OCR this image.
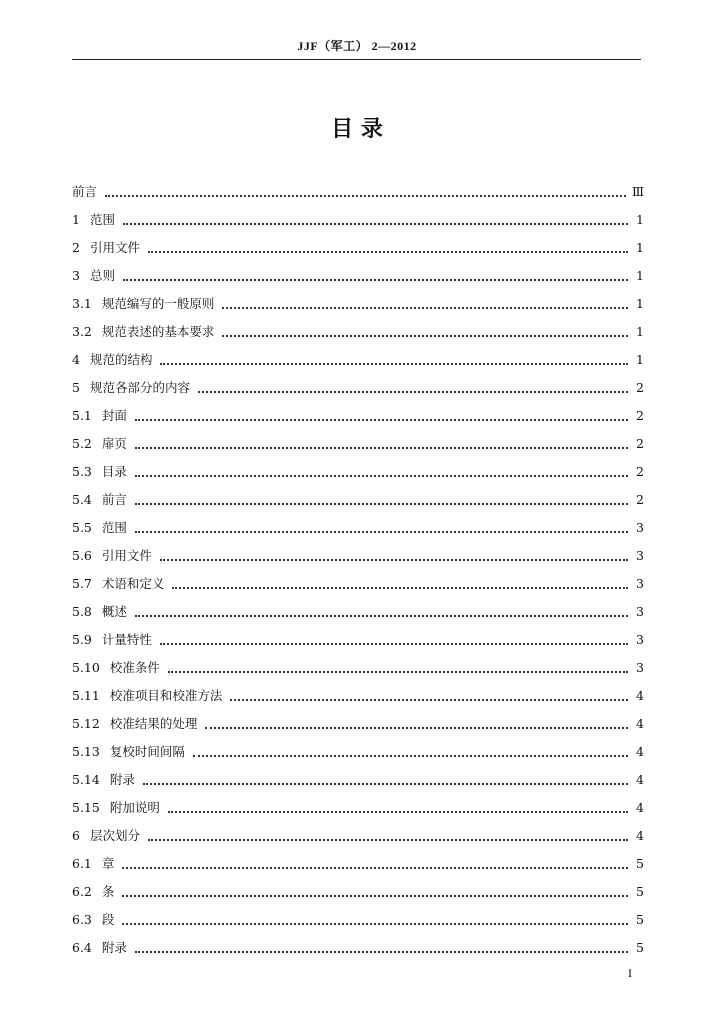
JJF（军工） 2—2012
目 录
前言	Ⅲ
1 范围	1
2 引用文件	1
3 总则	1
3.1 规范编写的一般原则	1
3.2 规范表述的基本要求	1
4 规范的结构	1
5 规范各部分的内容	2
5.1 封面	2
5.2 扉页	2
5.3 目录	2
5.4 前言	2
5.5 范围	3
5.6 引用文件	3
5.7 术语和定义	3
5.8 概述	3
5.9 计量特性	3
5.10 校准条件	3
5.11 校准项目和校准方法	4
5.12 校准结果的处理	4
5.13 复校时间间隔	4
5.14 附录	4
5.15 附加说明	4
6 层次划分	4
6.1 章	5
6.2 条	5
6.3 段	5
6.4 附录	5
I
